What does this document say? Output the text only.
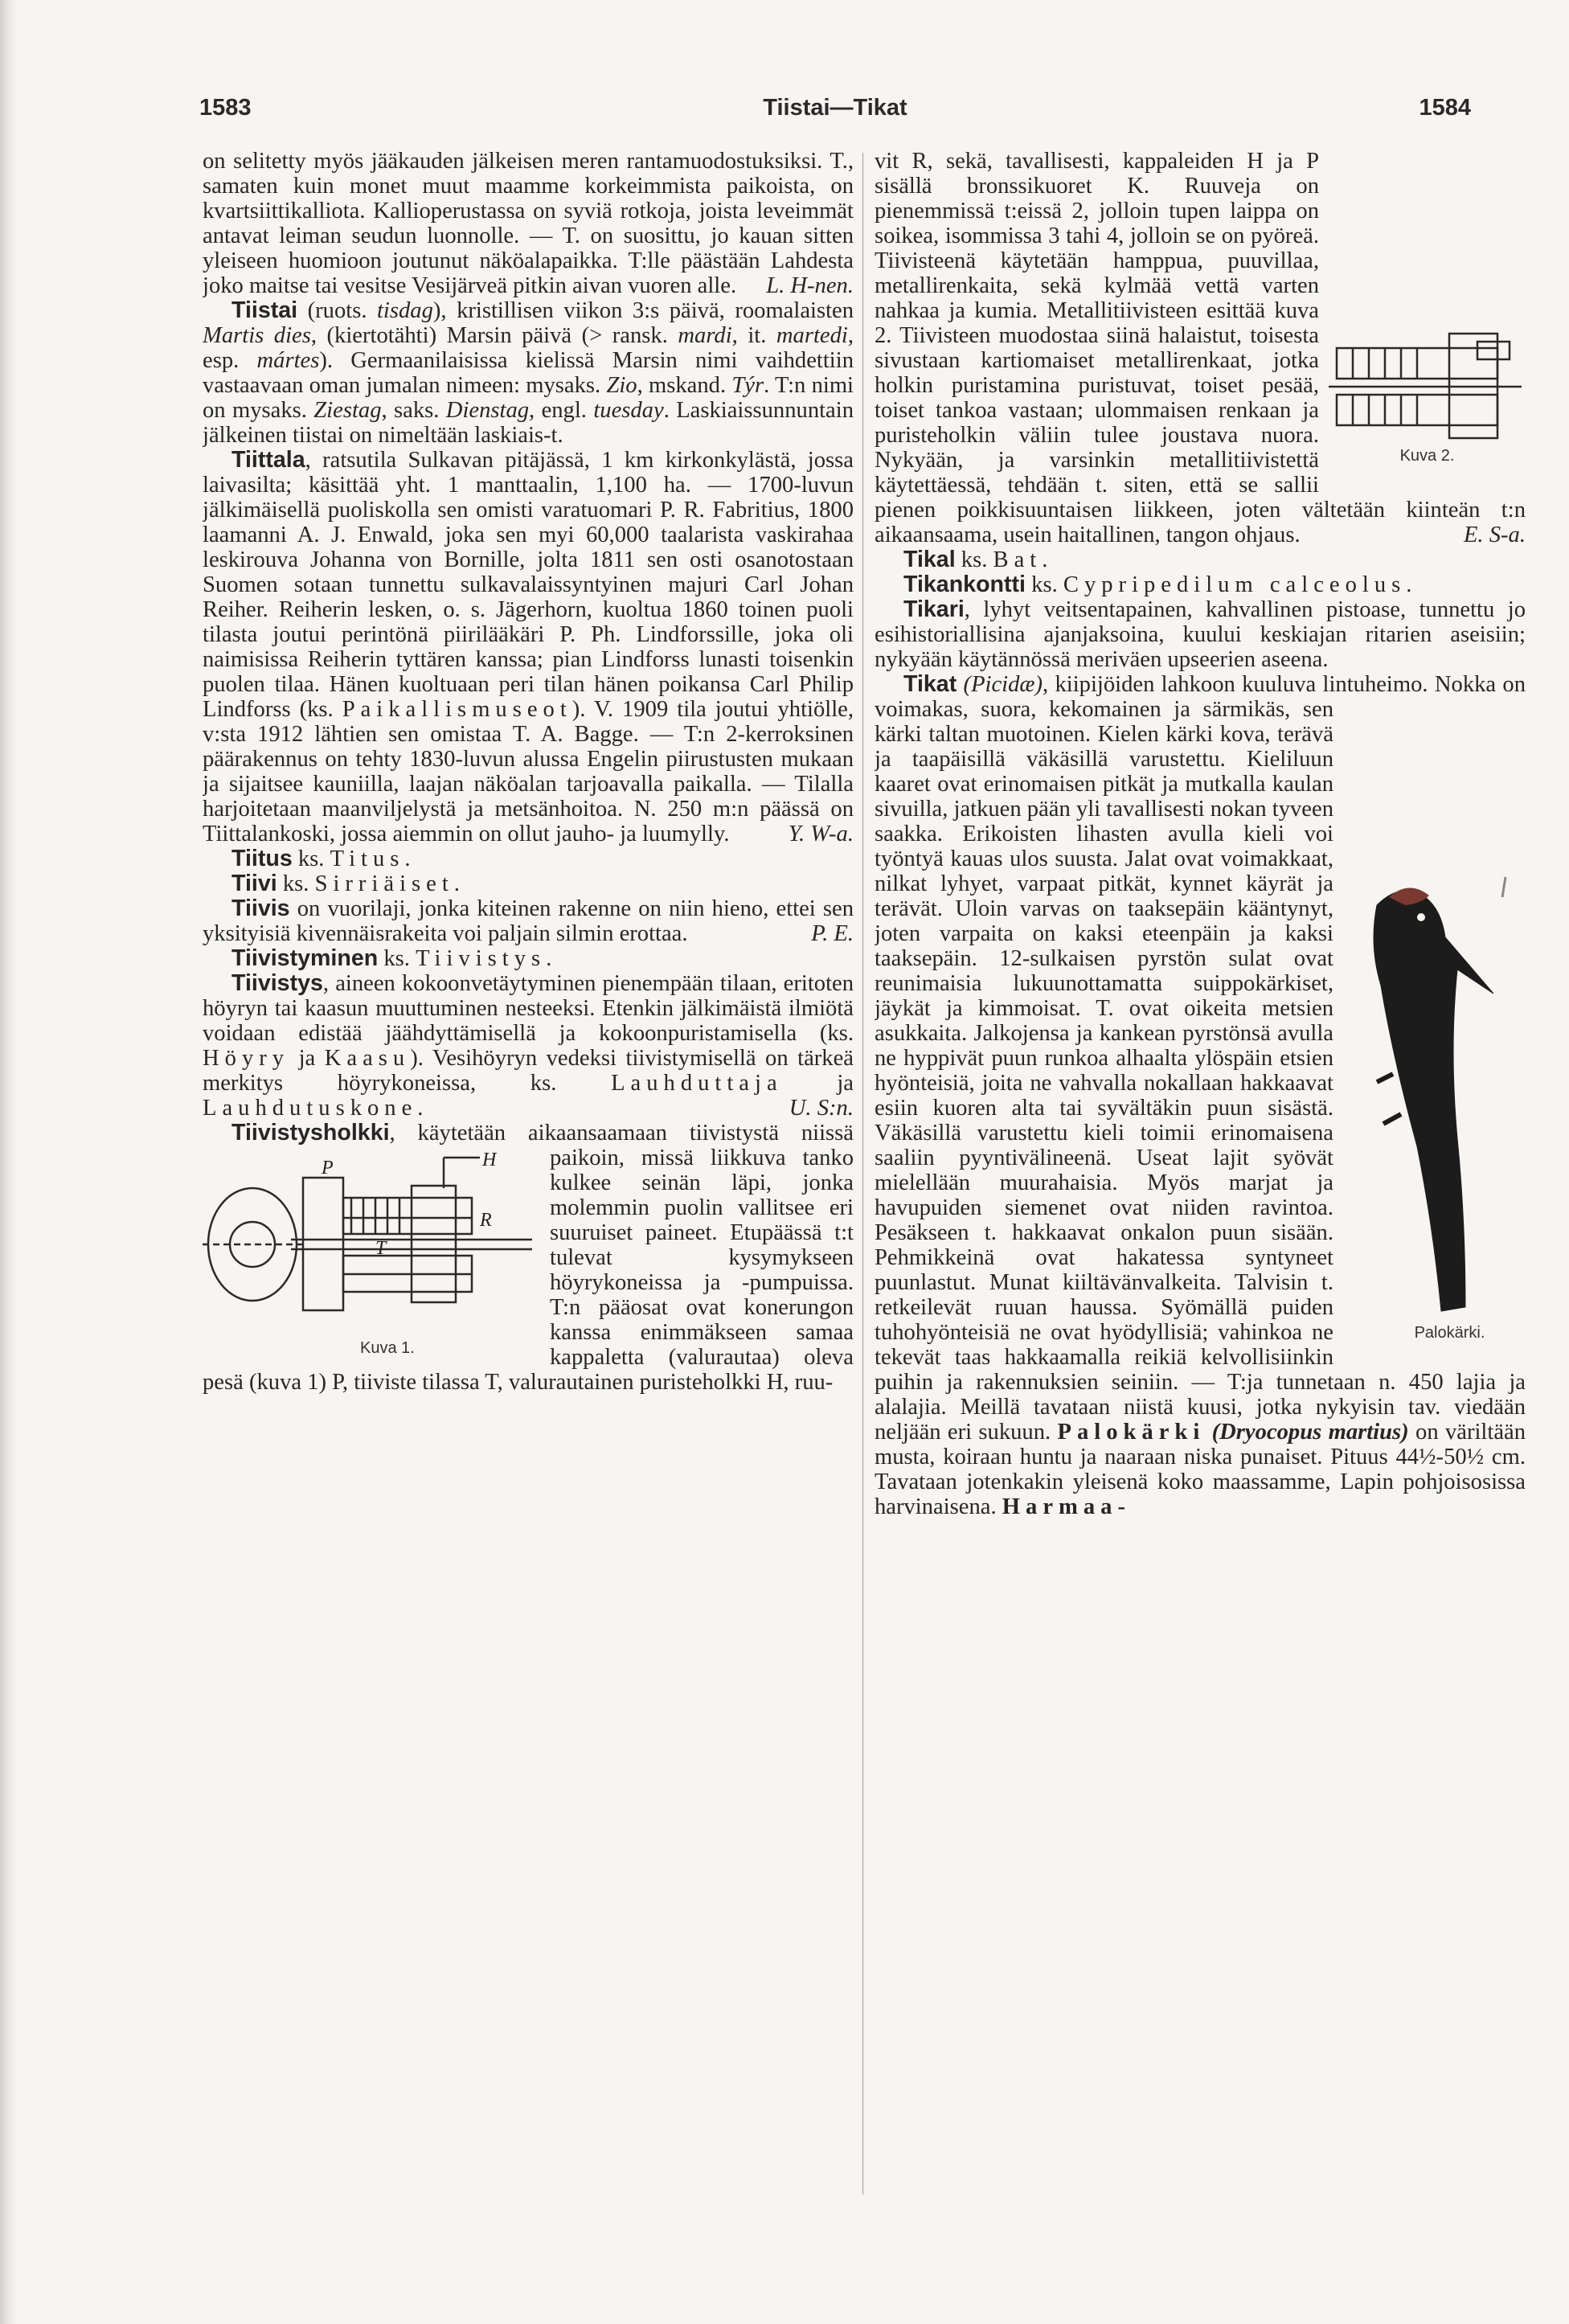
1583	Tiistai—Tikat	1584

on selitetty myös jääkauden jälkeisen meren rantamuodostuksiksi. T., samaten kuin monet muut maamme korkeimmista paikoista, on kvartsiittikalliota. Kallioperustassa on syviä rotkoja, joista leveimmät antavat leiman seudun luonnolle. — T. on suosittu, jo kauan sitten yleiseen huomioon joutunut näköalapaikka. T:lle päästään Lahdesta joko maitse tai vesitse Vesijärveä pitkin aivan vuoren alle.	L. H-nen.

Tiistai (ruots. tisdag), kristillisen viikon 3:s päivä, roomalaisten Martis dies, (kiertotähti) Marsin päivä (> ransk. mardi, it. martedi, esp. mártes). Germaanilaisissa kielissä Marsin nimi vaihdettiin vastaavaan oman jumalan nimeen: mysaks. Zio, mskand. Týr. T:n nimi on mysaks. Ziestag, saks. Dienstag, engl. tuesday. Laskiaissunnuntain jälkeinen tiistai on nimeltään laskiais-t.

Tiittala, ratsutila Sulkavan pitäjässä, 1 km kirkonkylästä, jossa laivasilta; käsittää yht. 1 manttaalin, 1,100 ha. — 1700-luvun jälkimäisellä puoliskolla sen omisti varatuomari P. R. Fabritius, 1800 laamanni A. J. Enwald, joka sen myi 60,000 taalarista vaskirahaa leskirouva Johanna von Bornille, jolta 1811 sen osti osanotostaan Suomen sotaan tunnettu sulkavalaissyntyinen majuri Carl Johan Reiher. Reiherin lesken, o. s. Jägerhorn, kuoltua 1860 toinen puoli tilasta joutui perintönä piirilääkäri P. Ph. Lindforssille, joka oli naimisissa Reiherin tyttären kanssa; pian Lindforss lunasti toisenkin puolen tilaa. Hänen kuoltuaan peri tilan hänen poikansa Carl Philip Lindforss (ks. Paikallismuseot). V. 1909 tila joutui yhtiölle, v:sta 1912 lähtien sen omistaa T. A. Bagge. — T:n 2-kerroksinen päärakennus on tehty 1830-luvun alussa Engelin piirustusten mukaan ja sijaitsee kauniilla, laajan näköalan tarjoavalla paikalla. — Tilalla harjoitetaan maanviljelystä ja metsänhoitoa. N. 250 m:n päässä on Tiittalankoski, jossa aiemmin on ollut jauho- ja luumylly.	Y. W-a.

Tiitus ks. Titus.

Tiivi ks. Sirriäiset.

Tiivis on vuorilaji, jonka kiteinen rakenne on niin hieno, ettei sen yksityisiä kivennäisrakeita voi paljain silmin erottaa.	P. E.

Tiivistyminen ks. Tiivistys.

Tiivistys, aineen kokoonvetäytyminen pienempään tilaan, eritoten höyryn tai kaasun muuttuminen nesteeksi. Etenkin jälkimäistä ilmiötä voidaan edistää jäähdyttämisellä ja kokoonpuristamisella (ks. Höyry ja Kaasu). Vesihöyryn vedeksi tiivistymisellä on tärkeä merkitys höyrykoneissa, ks. Lauhduttaja ja Lauhdutuskone.	U. S:n.

Tiivistysholkki
P	H
R
T
Kuva 1.
, käytetään aikaansaamaan tiivistystä niissä paikoin, missä liikkuva tanko kulkee seinän läpi, jonka molemmin puolin vallitsee eri suuruiset paineet. Etupäässä t:t tulevat kysymykseen höyrykoneissa ja -pumpuissa. T:n pääosat ovat konerungon kanssa enimmäkseen samaa kappaletta (valurautaa) oleva pesä (kuva 1) P, tiiviste tilassa T, valurautainen puristeholkki H, ruu-

Kuva 2.
vit R, sekä, tavallisesti, kappaleiden H ja P sisällä bronssikuoret K. Ruuveja on pienemmissä t:eissä 2, jolloin tupen laippa on soikea, isommissa 3 tahi 4, jolloin se on pyöreä. Tiivisteenä käytetään hamppua, puuvillaa, metallirenkaita, sekä kylmää vettä varten nahkaa ja kumia. Metallitiivisteen esittää kuva 2. Tiivisteen muodostaa siinä halaistut, toisesta sivustaan kartiomaiset metallirenkaat, jotka holkin puristamina puristuvat, toiset pesää, toiset tankoa vastaan; ulommaisen renkaan ja puristeholkin väliin tulee joustava nuora. Nykyään, ja varsinkin metallitiivistettä käytettäessä, tehdään t. siten, että se sallii pienen poikkisuuntaisen liikkeen, joten vältetään kiinteän t:n aikaansaama, usein haitallinen, tangon ohjaus.	E. S-a.

Tikal ks. Bat.

Tikankontti ks. Cypripedilum calceolus.

Tikari, lyhyt veitsentapainen, kahvallinen pistoase, tunnettu jo esihistoriallisina ajanjaksoina, kuului keskiajan ritarien aseisiin; nykyään käytännössä meriväen upseerien aseena.

Tikat (Picidæ)
Palokärki.
, kiipijöiden lahkoon kuuluva lintuheimo. Nokka on voimakas, suora, kekomainen ja särmikäs, sen kärki taltan muotoinen. Kielen kärki kova, terävä ja taapäisillä väkäsillä varustettu. Kieliluun kaaret ovat erinomaisen pitkät ja mutkalla kaulan sivuilla, jatkuen pään yli tavallisesti nokan tyveen saakka. Erikoisten lihasten avulla kieli voi työntyä kauas ulos suusta. Jalat ovat voimakkaat, nilkat lyhyet, varpaat pitkät, kynnet käyrät ja terävät. Uloin varvas on taaksepäin kääntynyt, joten varpaita on kaksi eteenpäin ja kaksi taaksepäin. 12-sulkaisen pyrstön sulat ovat reunimaisia lukuunottamatta suippokärkiset, jäykät ja kimmoisat. T. ovat oikeita metsien asukkaita. Jalkojensa ja kankean pyrstönsä avulla ne hyppivät puun runkoa alhaalta ylöspäin etsien hyönteisiä, joita ne vahvalla nokallaan hakkaavat esiin kuoren alta tai syvältäkin puun sisästä. Väkäsillä varustettu kieli toimii erinomaisena saaliin pyyntivälineenä. Useat lajit syövät mielellään muurahaisia. Myös marjat ja havupuiden siemenet ovat niiden ravintoa. Pesäkseen t. hakkaavat onkalon puun sisään. Pehmikkeinä ovat hakatessa syntyneet puunlastut. Munat kiiltävänvalkeita. Talvisin t. retkeilevät ruuan haussa. Syömällä puiden tuhohyönteisiä ne ovat hyödyllisiä; vahinkoa ne tekevät taas hakkaamalla reikiä kelvollisiinkin puihin ja rakennuksien seiniin. — T:ja tunnetaan n. 450 lajia ja alalajia. Meillä tavataan niistä kuusi, jotka nykyisin tav. viedään neljään eri sukuun. Palokärki (Dryocopus martius) on väriltään musta, koiraan huntu ja naaraan niska punaiset. Pituus 44½-50½ cm. Tavataan jotenkakin yleisenä koko maassamme, Lapin pohjoisosissa harvinaisena. Harmaa-
